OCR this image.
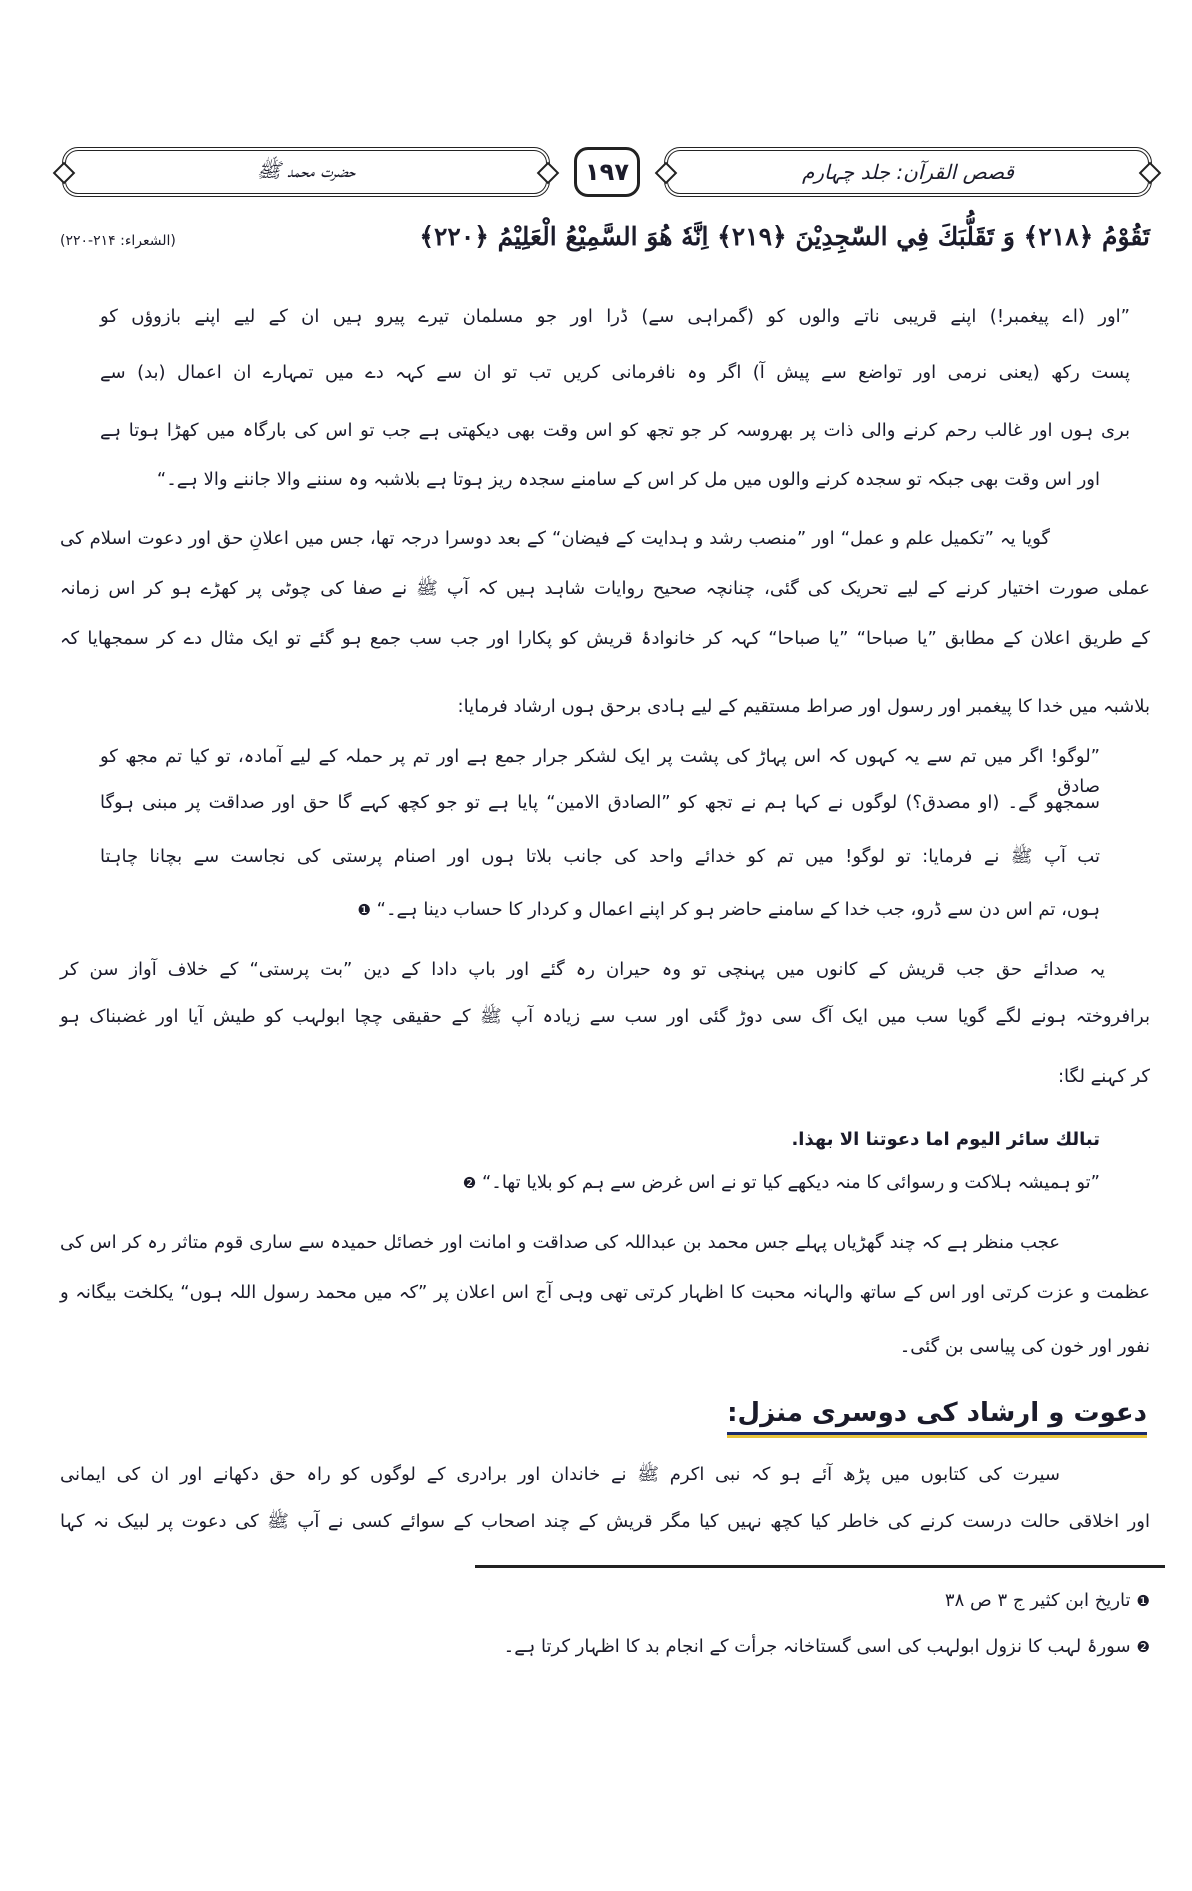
حضرت محمد ﷺ	۱۹۷	قصص القرآن: جلد چہارم
تَقُوْمُ ﴿۲۱۸﴾ وَ تَقَلُّبَكَ فِي السّٰجِدِيْنَ ﴿۲۱۹﴾ اِنَّهٗ هُوَ السَّمِيْعُ الْعَلِيْمُ ﴿۲۲۰﴾
(الشعراء: ۲۱۴-۲۲۰)
”اور (اے پیغمبر!) اپنے قریبی ناتے والوں کو (گمراہی سے) ڈرا اور جو مسلمان تیرے پیرو ہیں ان کے لیے اپنے بازوؤں کو
پست رکھ (یعنی نرمی اور تواضع سے پیش آ) اگر وہ نافرمانی کریں تب تو ان سے کہہ دے میں تمہارے ان اعمال (بد) سے
بری ہوں اور غالب رحم کرنے والی ذات پر بھروسہ کر جو تجھ کو اس وقت بھی دیکھتی ہے جب تو اس کی بارگاہ میں کھڑا ہوتا ہے
اور اس وقت بھی جبکہ تو سجدہ کرنے والوں میں مل کر اس کے سامنے سجدہ ریز ہوتا ہے بلاشبہ وہ سننے والا جاننے والا ہے۔“
گویا یہ ”تکمیل علم و عمل“ اور ”منصب رشد و ہدایت کے فیضان“ کے بعد دوسرا درجہ تھا، جس میں اعلانِ حق اور دعوت اسلام کی
عملی صورت اختیار کرنے کے لیے تحریک کی گئی، چنانچہ صحیح روایات شاہد ہیں کہ آپ ﷺ نے صفا کی چوٹی پر کھڑے ہو کر اس زمانہ
کے طریق اعلان کے مطابق ”یا صباحا“ ”یا صباحا“ کہہ کر خانوادۂ قریش کو پکارا اور جب سب جمع ہو گئے تو ایک مثال دے کر سمجھایا کہ
بلاشبہ میں خدا کا پیغمبر اور رسول اور صراط مستقیم کے لیے ہادی برحق ہوں ارشاد فرمایا:
”لوگو! اگر میں تم سے یہ کہوں کہ اس پہاڑ کی پشت پر ایک لشکر جرار جمع ہے اور تم پر حملہ کے لیے آمادہ، تو کیا تم مجھ کو صادق
سمجھو گے۔ (او مصدق؟) لوگوں نے کہا ہم نے تجھ کو ”الصادق الامین“ پایا ہے تو جو کچھ کہے گا حق اور صداقت پر مبنی ہوگا
تب آپ ﷺ نے فرمایا: تو لوگو! میں تم کو خدائے واحد کی جانب بلاتا ہوں اور اصنام پرستی کی نجاست سے بچانا چاہتا
ہوں، تم اس دن سے ڈرو، جب خدا کے سامنے حاضر ہو کر اپنے اعمال و کردار کا حساب دینا ہے۔“ ❶
یہ صدائے حق جب قریش کے کانوں میں پہنچی تو وہ حیران رہ گئے اور باپ دادا کے دین ”بت پرستی“ کے خلاف آواز سن کر
برافروختہ ہونے لگے گویا سب میں ایک آگ سی دوڑ گئی اور سب سے زیادہ آپ ﷺ کے حقیقی چچا ابولہب کو طیش آیا اور غضبناک ہو
کر کہنے لگا:
تبالك سائر اليوم اما دعوتنا الا بهذا.
”تو ہمیشہ ہلاکت و رسوائی کا منہ دیکھے کیا تو نے اس غرض سے ہم کو بلایا تھا۔“ ❷
عجب منظر ہے کہ چند گھڑیاں پہلے جس محمد بن عبداللہ کی صداقت و امانت اور خصائل حمیدہ سے ساری قوم متاثر رہ کر اس کی
عظمت و عزت کرتی اور اس کے ساتھ والہانہ محبت کا اظہار کرتی تھی وہی آج اس اعلان پر ”کہ میں محمد رسول اللہ ہوں“ یکلخت بیگانہ و
نفور اور خون کی پیاسی بن گئی۔
دعوت و ارشاد کی دوسری منزل:
سیرت کی کتابوں میں پڑھ آئے ہو کہ نبی اکرم ﷺ نے خاندان اور برادری کے لوگوں کو راہ حق دکھانے اور ان کی ایمانی
اور اخلاقی حالت درست کرنے کی خاطر کیا کچھ نہیں کیا مگر قریش کے چند اصحاب کے سوائے کسی نے آپ ﷺ کی دعوت پر لبیک نہ کہا
❶تاریخ ابن کثیر ج ۳ ص ۳۸
❷سورۂ لہب کا نزول ابولہب کی اسی گستاخانہ جرأت کے انجام بد کا اظہار کرتا ہے۔
